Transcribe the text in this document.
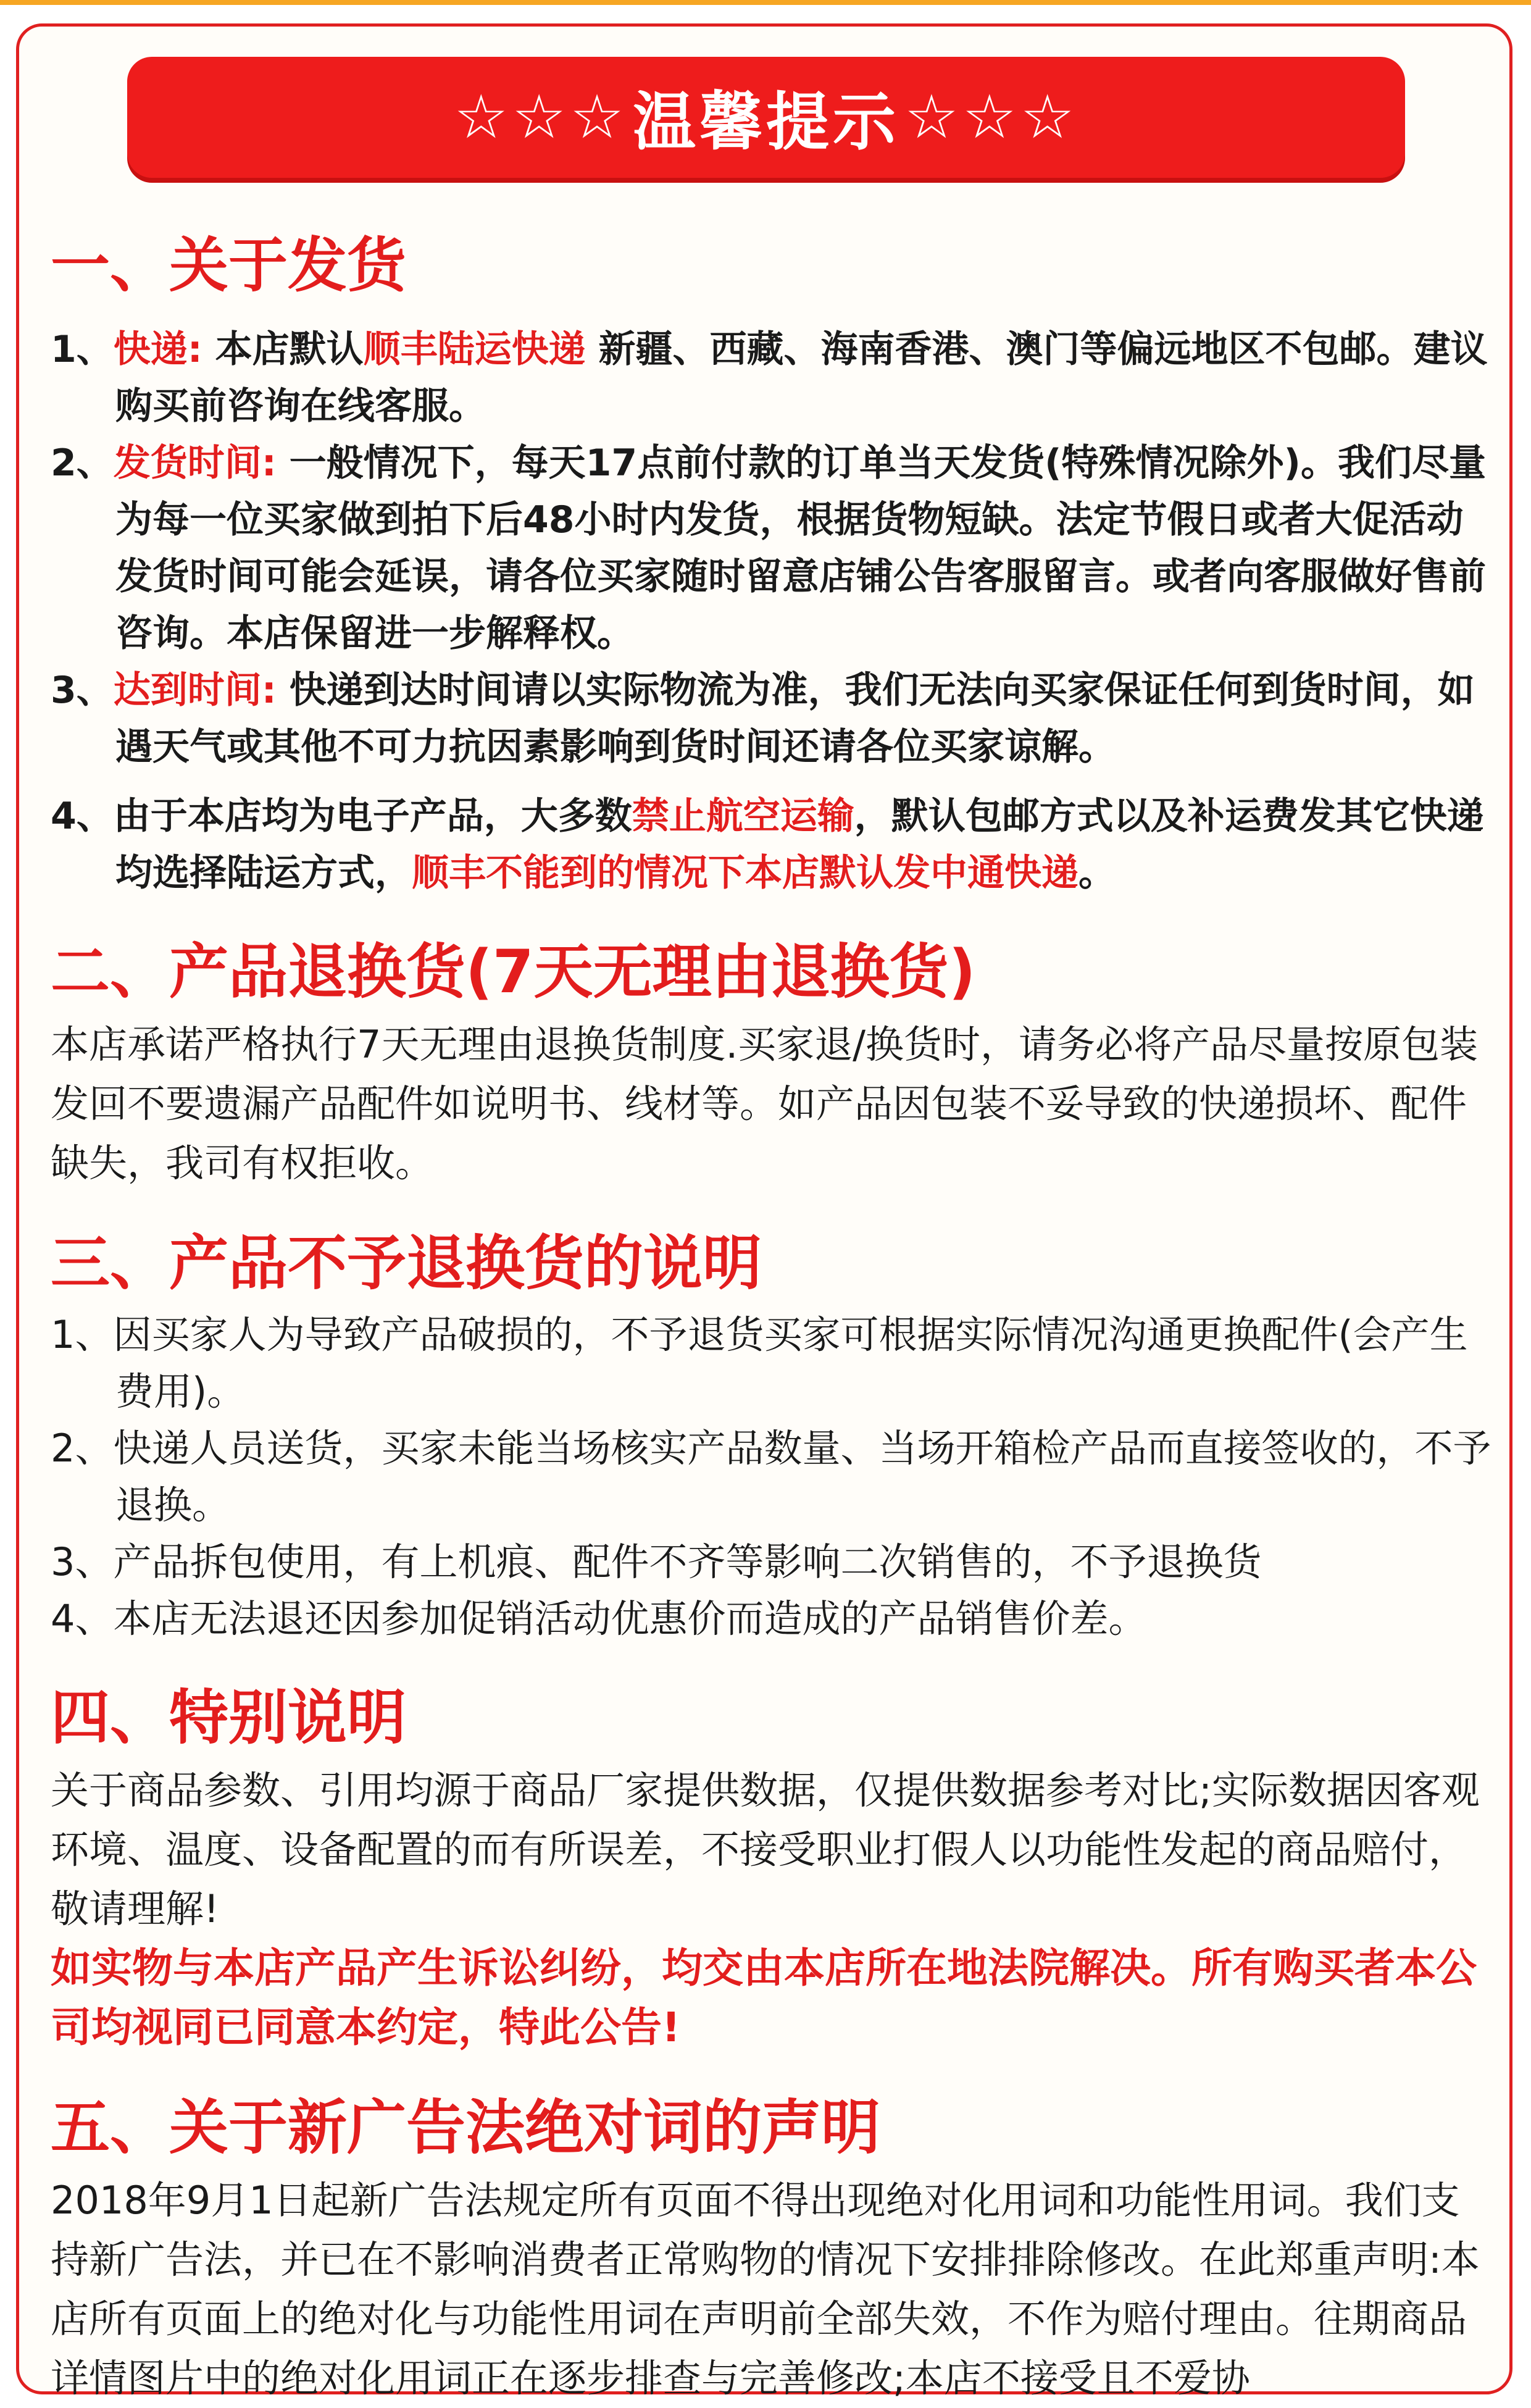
☆☆☆ 温馨提示 ☆☆☆
一、关于发货
1、快递: 本店默认顺丰陆运快递 新疆、西藏、海南香港、澳门等偏远地区不包邮。建议购买前咨询在线客服。
2、发货时间: 一般情况下，每天17点前付款的订单当天发货(特殊情况除外)。我们尽量为每一位买家做到拍下后48小时内发货，根据货物短缺。法定节假日或者大促活动发货时间可能会延误，请各位买家随时留意店铺公告客服留言。或者向客服做好售前咨询。本店保留进一步解释权。
3、达到时间: 快递到达时间请以实际物流为准，我们无法向买家保证任何到货时间，如遇天气或其他不可力抗因素影响到货时间还请各位买家谅解。
4、由于本店均为电子产品，大多数禁止航空运输，默认包邮方式以及补运费发其它快递均选择陆运方式，顺丰不能到的情况下本店默认发中通快递。
二、产品退换货(7天无理由退换货)
本店承诺严格执行7天无理由退换货制度.买家退/换货时，请务必将产品尽量按原包装发回不要遗漏产品配件如说明书、线材等。如产品因包装不妥导致的快递损坏、配件缺失，我司有权拒收。
三、产品不予退换货的说明
1、因买家人为导致产品破损的，不予退货买家可根据实际情况沟通更换配件(会产生费用)。
2、快递人员送货，买家未能当场核实产品数量、当场开箱检产品而直接签收的，不予退换。
3、产品拆包使用，有上机痕、配件不齐等影响二次销售的，不予退换货
4、本店无法退还因参加促销活动优惠价而造成的产品销售价差。
四、特别说明
关于商品参数、引用均源于商品厂家提供数据，仅提供数据参考对比;实际数据因客观环境、温度、设备配置的而有所误差，不接受职业打假人以功能性发起的商品赔付，敬请理解!
如实物与本店产品产生诉讼纠纷，均交由本店所在地法院解决。所有购买者本公司均视同已同意本约定，特此公告!
五、关于新广告法绝对词的声明
2018年9月1日起新广告法规定所有页面不得出现绝对化用词和功能性用词。我们支持新广告法，并已在不影响消费者正常购物的情况下安排排除修改。在此郑重声明:本店所有页面上的绝对化与功能性用词在声明前全部失效，不作为赔付理由。往期商品详情图片中的绝对化用词正在逐步排查与完善修改;本店不接受且不爱协
